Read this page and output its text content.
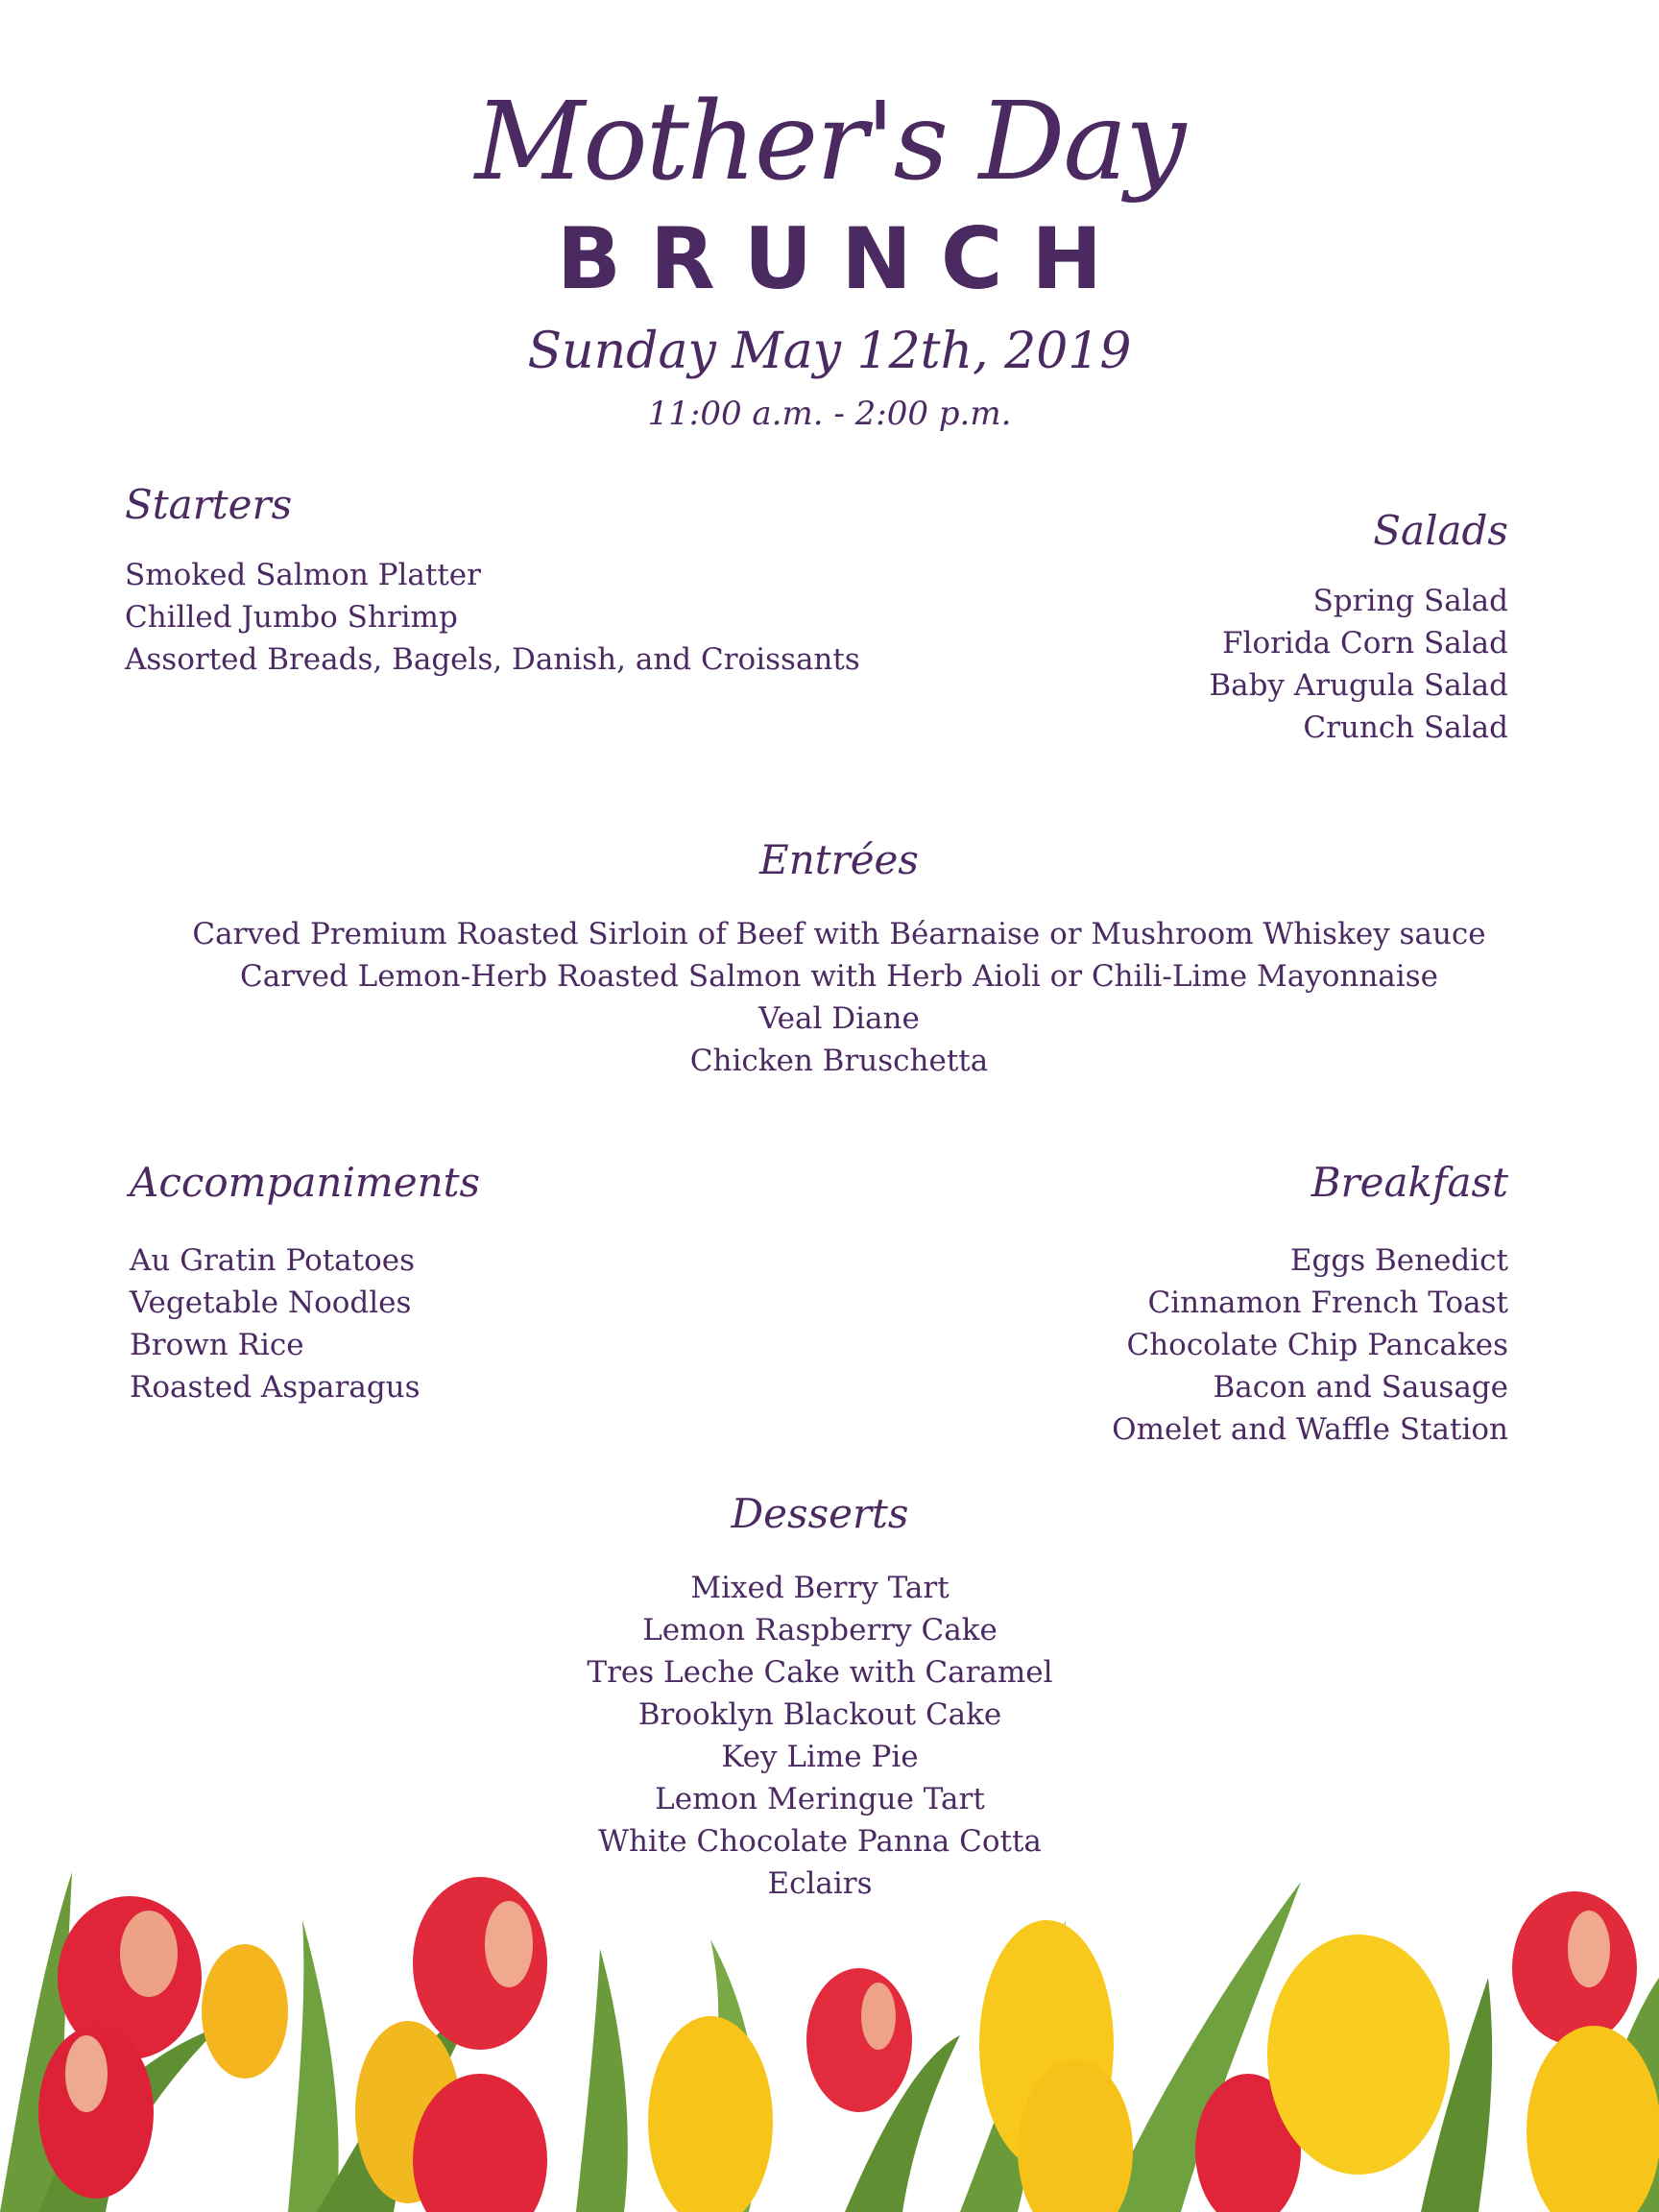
Mother's Day
BRUNCH
Sunday May 12th, 2019
11:00 a.m. - 2:00 p.m.
Starters
Smoked Salmon Platter
Chilled Jumbo Shrimp
Assorted Breads, Bagels, Danish, and Croissants
Salads
Spring Salad
Florida Corn Salad
Baby Arugula Salad
Crunch Salad
Entrées
Carved Premium Roasted Sirloin of Beef with Béarnaise or Mushroom Whiskey sauce
Carved Lemon-Herb Roasted Salmon with Herb Aioli or Chili-Lime Mayonnaise
Veal Diane
Chicken Bruschetta
Accompaniments
Au Gratin Potatoes
Vegetable Noodles
Brown Rice
Roasted Asparagus
Breakfast
Eggs Benedict
Cinnamon French Toast
Chocolate Chip Pancakes
Bacon and Sausage
Omelet and Waffle Station
Desserts
Mixed Berry Tart
Lemon Raspberry Cake
Tres Leche Cake with Caramel
Brooklyn Blackout Cake
Key Lime Pie
Lemon Meringue Tart
White Chocolate Panna Cotta
Eclairs
